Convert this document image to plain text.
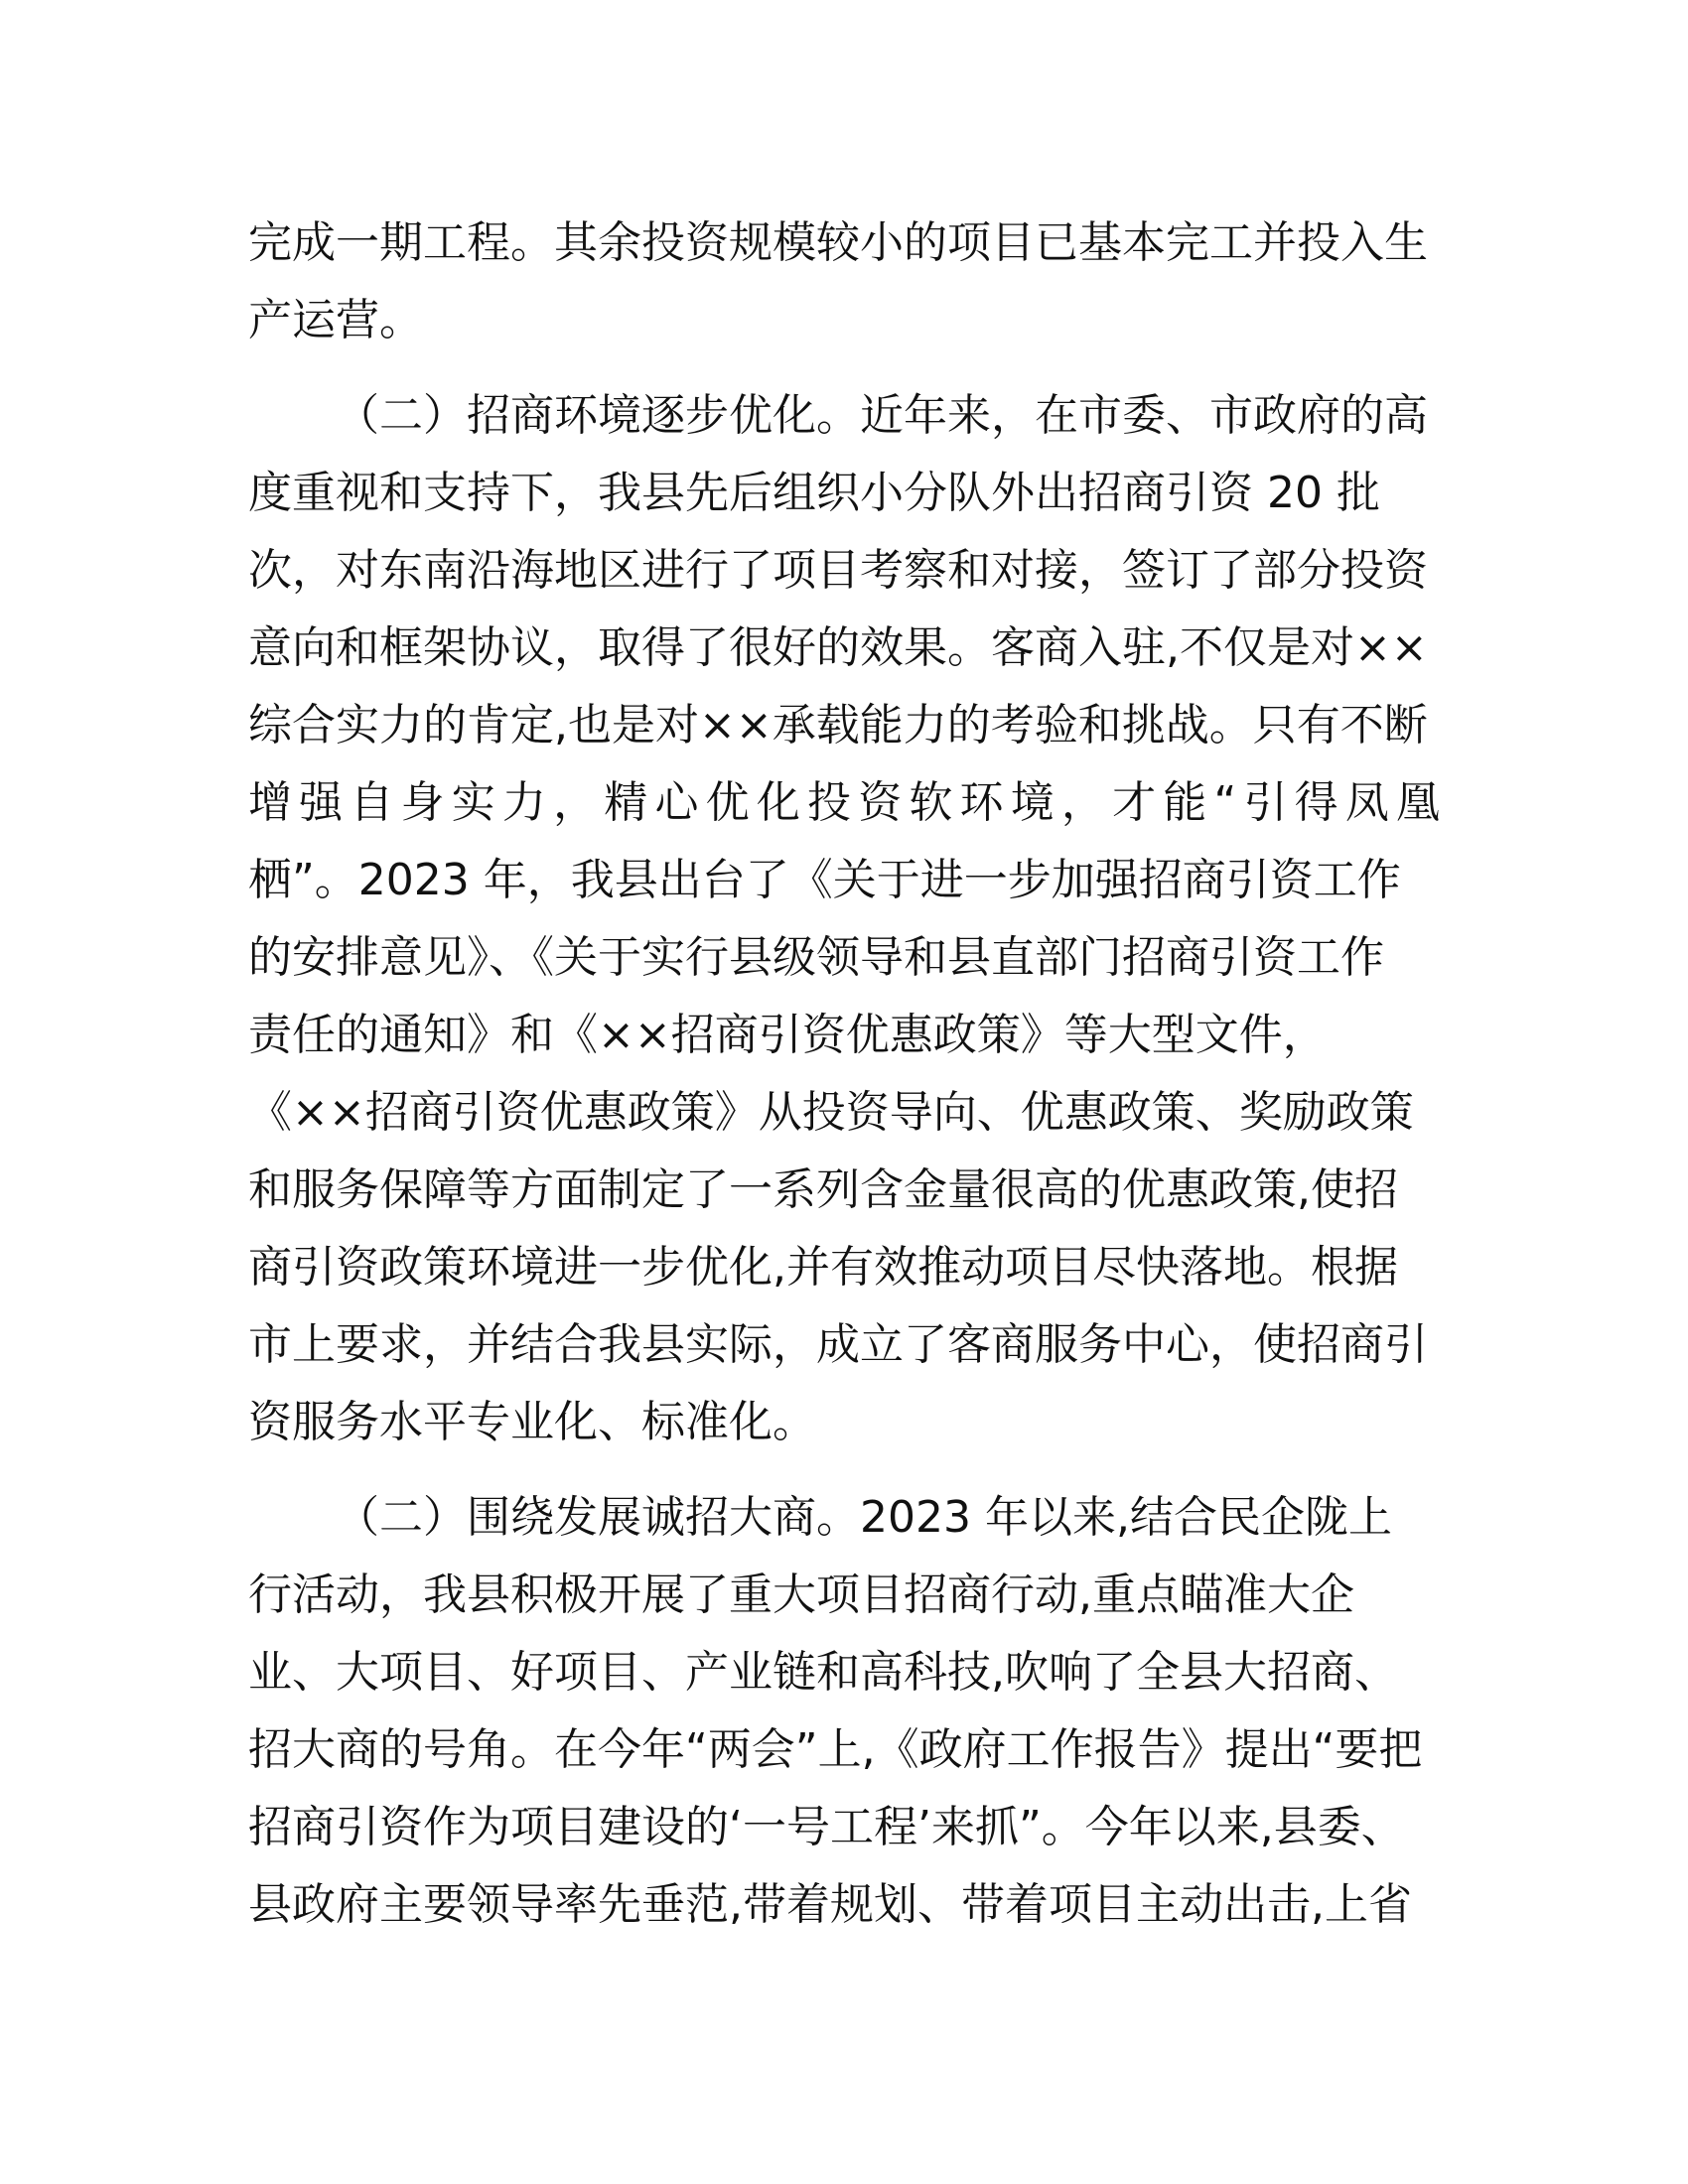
完成一期工程。其余投资规模较小的项目已基本完工并投入生
产运营。
（二）招商环境逐步优化。近年来，在市委、市政府的高
度重视和支持下，我县先后组织小分队外出招商引资 20 批
次，对东南沿海地区进行了项目考察和对接，签订了部分投资
意向和框架协议，取得了很好的效果。客商入驻,不仅是对××
综合实力的肯定,也是对××承载能力的考验和挑战。只有不断
增强自身实力，精心优化投资软环境，才能“引得凤凰
栖”。2023 年，我县出台了《关于进一步加强招商引资工作
的安排意见》、《关于实行县级领导和县直部门招商引资工作
责任的通知》和《××招商引资优惠政策》等大型文件，
《××招商引资优惠政策》从投资导向、优惠政策、奖励政策
和服务保障等方面制定了一系列含金量很高的优惠政策,使招
商引资政策环境进一步优化,并有效推动项目尽快落地。根据
市上要求，并结合我县实际，成立了客商服务中心，使招商引
资服务水平专业化、标准化。
（二）围绕发展诚招大商。2023 年以来,结合民企陇上
行活动，我县积极开展了重大项目招商行动,重点瞄准大企
业、大项目、好项目、产业链和高科技,吹响了全县大招商、
招大商的号角。在今年“两会”上,《政府工作报告》提出“要把
招商引资作为项目建设的‘一号工程’来抓”。今年以来,县委、
县政府主要领导率先垂范,带着规划、带着项目主动出击,上省
